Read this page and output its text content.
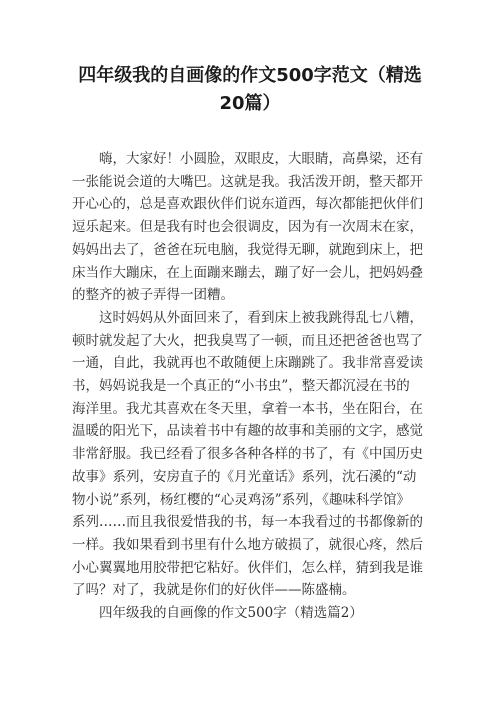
四年级我的自画像的作文500字范文（精选
20篇）

嗨，大家好！小圆脸，双眼皮，大眼睛，高鼻梁，还有
一张能说会道的大嘴巴。这就是我。我活泼开朗，整天都开
开心心的，总是喜欢跟伙伴们说东道西，每次都能把伙伴们
逗乐起来。但是我有时也会很调皮，因为有一次周末在家，
妈妈出去了，爸爸在玩电脑，我觉得无聊，就跑到床上，把
床当作大蹦床，在上面蹦来蹦去，蹦了好一会儿，把妈妈叠
的整齐的被子弄得一团糟。

这时妈妈从外面回来了，看到床上被我跳得乱七八糟，
顿时就发起了大火，把我臭骂了一顿，而且还把爸爸也骂了
一通，自此，我就再也不敢随便上床蹦跳了。我非常喜爱读
书，妈妈说我是一个真正的“小书虫”，整天都沉浸在书的
海洋里。我尤其喜欢在冬天里，拿着一本书，坐在阳台，在
温暖的阳光下，品读着书中有趣的故事和美丽的文字，感觉
非常舒服。我已经看了很多各种各样的书了，有《中国历史
故事》系列，安房直子的《月光童话》系列，沈石溪的“动
物小说”系列，杨红樱的“心灵鸡汤”系列，《趣味科学馆》
系列……而且我很爱惜我的书，每一本我看过的书都像新的
一样。我如果看到书里有什么地方破损了，就很心疼，然后
小心翼翼地用胶带把它粘好。伙伴们，怎么样，猜到我是谁
了吗？对了，我就是你们的好伙伴——陈盛楠。

四年级我的自画像的作文500字（精选篇2）
